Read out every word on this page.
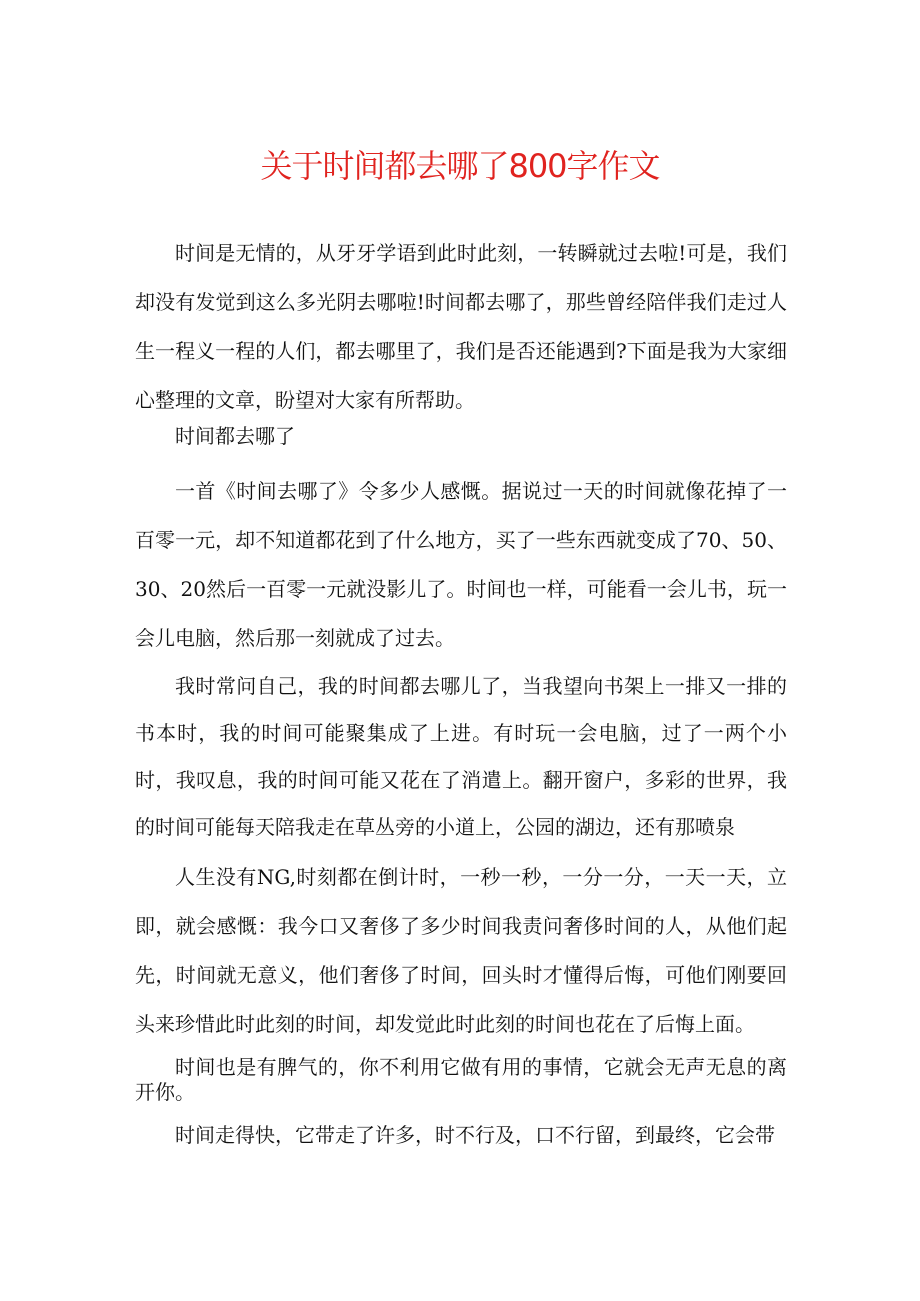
关于时间都去哪了800字作文

时间是无情的，从牙牙学语到此时此刻，一转瞬就过去啦!可是，我们却没有发觉到这么多光阴去哪啦!时间都去哪了，那些曾经陪伴我们走过人生一程义一程的人们，都去哪里了，我们是否还能遇到?下面是我为大家细心整理的文章，盼望对大家有所帮助。

时间都去哪了

一首《时间去哪了》令多少人感慨。据说过一天的时间就像花掉了一百零一元，却不知道都花到了什么地方，买了一些东西就变成了70、50、30、20然后一百零一元就没影儿了。时间也一样，可能看一会儿书，玩一会儿电脑，然后那一刻就成了过去。

我时常问自己，我的时间都去哪儿了，当我望向书架上一排又一排的书本时，我的时间可能聚集成了上进。有时玩一会电脑，过了一两个小时，我叹息，我的时间可能又花在了消遣上。翻开窗户，多彩的世界，我的时间可能每天陪我走在草丛旁的小道上，公园的湖边，还有那喷泉

人生没有NG,时刻都在倒计时，一秒一秒，一分一分，一天一天，立即，就会感慨：我今口又奢侈了多少时间我责问奢侈时间的人，从他们起先，时间就无意义，他们奢侈了时间，回头时才懂得后悔，可他们刚要回头来珍惜此时此刻的时间，却发觉此时此刻的时间也花在了后悔上面。

时间也是有脾气的，你不利用它做有用的事情，它就会无声无息的离开你。

时间走得快，它带走了许多，时不行及，口不行留，到最终，它会带
